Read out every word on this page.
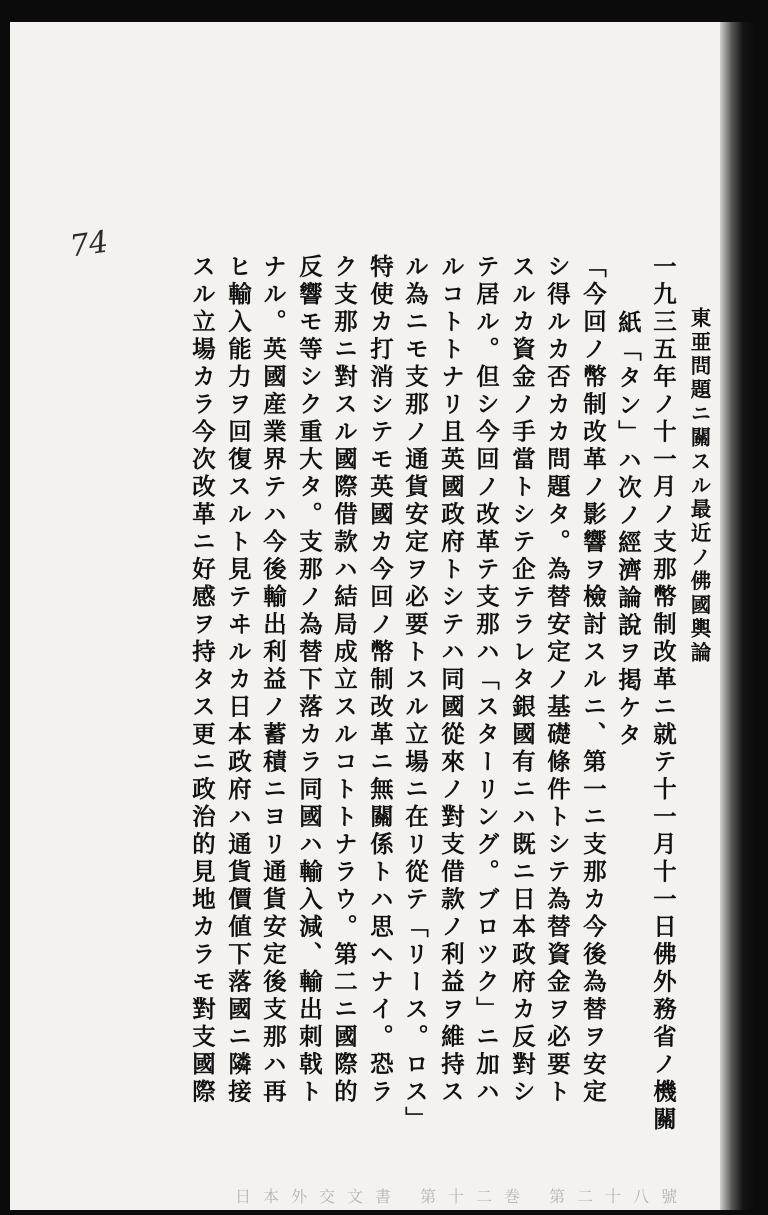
74
東亜問題ニ關スル最近ノ佛國輿論
一九三五年ノ十一月ノ支那幣制改革ニ就テ十一月十一日佛外務省ノ機關
紙「タン」ハ次ノ經濟論說ヲ掲ケタ
「今回ノ幣制改革ノ影響ヲ檢討スルニ、第一ニ支那カ今後為替ヲ安定
シ得ルカ否カカ問題タ。為替安定ノ基礎條件トシテ為替資金ヲ必要ト
スルカ資金ノ手當トシテ企テラレタ銀國有ニハ既ニ日本政府カ反對シ
テ居ル。但シ今回ノ改革テ支那ハ「スターリング。ブロツク」ニ加ハ
ルコトトナリ且英國政府トシテハ同國從來ノ對支借款ノ利益ヲ維持ス
ル為ニモ支那ノ通貨安定ヲ必要トスル立場ニ在リ從テ「リース。ロス」
特使カ打消シテモ英國カ今回ノ幣制改革ニ無關係トハ思ヘナイ。恐ラ
ク支那ニ對スル國際借款ハ結局成立スルコトトナラウ。第二ニ國際的
反響モ等シク重大タ。支那ノ為替下落カラ同國ハ輸入減、輸出刺戟ト
ナル。英國産業界テハ今後輸出利益ノ蓄積ニヨリ通貨安定後支那ハ再
ヒ輸入能力ヲ回復スルト見テヰルカ日本政府ハ通貨價値下落國ニ隣接
スル立場カラ今次改革ニ好感ヲ持タス更ニ政治的見地カラモ對支國際
日本外交文書 第十二巻 第二十八號
